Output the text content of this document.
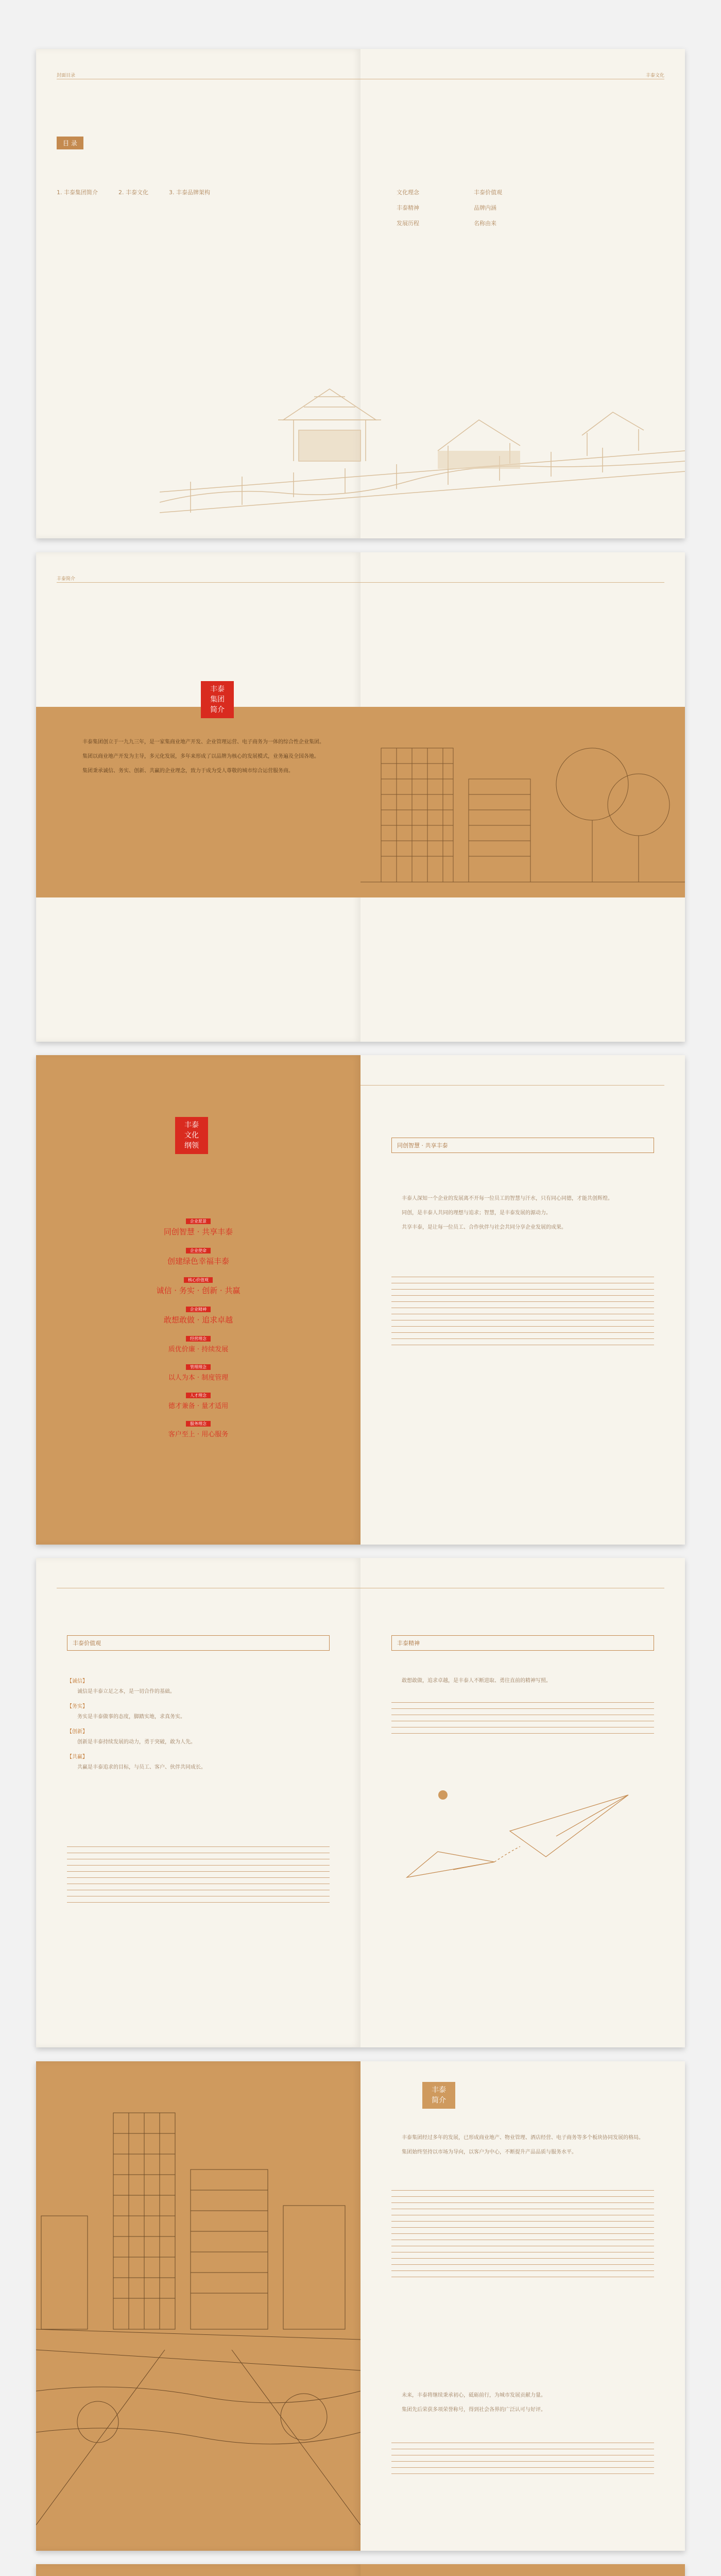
封面目录
目 录
1. 丰泰集团简介	2. 丰泰文化	3. 丰泰品牌架构
丰泰文化
文化理念	丰泰价值观
丰泰精神	品牌内涵
发展历程	名称由来
丰泰简介
丰泰
集团
简介

丰泰集团创立于一九九三年，是一家集商业地产开发、企业管理运营、电子商务为一体的综合性企业集团。

集团以商业地产开发为主导，多元化发展，多年来形成了以品牌为核心的发展模式，业务遍及全国各地。

集团秉承诚信、务实、创新、共赢的企业理念，致力于成为受人尊敬的城市综合运营服务商。

丰泰
文化
纲领
企业愿景
同创智慧 · 共享丰泰
企业使命
创建绿色幸福丰泰
核心价值观
诚信 · 务实 · 创新 · 共赢
企业精神
敢想敢做 · 追求卓越
经营理念
质优价廉 · 持续发展
管理理念
以人为本 · 制度管理
人才理念
德才兼备 · 量才适用
服务理念
客户至上 · 用心服务
同创智慧 · 共享丰泰

丰泰人深知一个企业的发展离不开每一位员工的智慧与汗水，只有同心同德，才能共创辉煌。

同创，是丰泰人共同的理想与追求；智慧，是丰泰发展的源动力。

共享丰泰，是让每一位员工、合作伙伴与社会共同分享企业发展的成果。

丰泰价值观
【诚信】

诚信是丰泰立足之本，是一切合作的基础。

【务实】

务实是丰泰做事的态度，脚踏实地，求真务实。

【创新】

创新是丰泰持续发展的动力，勇于突破，敢为人先。

【共赢】

共赢是丰泰追求的目标，与员工、客户、伙伴共同成长。

丰泰精神

敢想敢做，追求卓越，是丰泰人不断进取、勇往直前的精神写照。

丰泰
简介

丰泰集团经过多年的发展，已形成商业地产、物业管理、酒店经营、电子商务等多个板块协同发展的格局。

集团始终坚持以市场为导向，以客户为中心，不断提升产品品质与服务水平。

未来，丰泰将继续秉承初心，砥砺前行，为城市发展贡献力量。

集团先后荣获多项荣誉称号，得到社会各界的广泛认可与好评。
